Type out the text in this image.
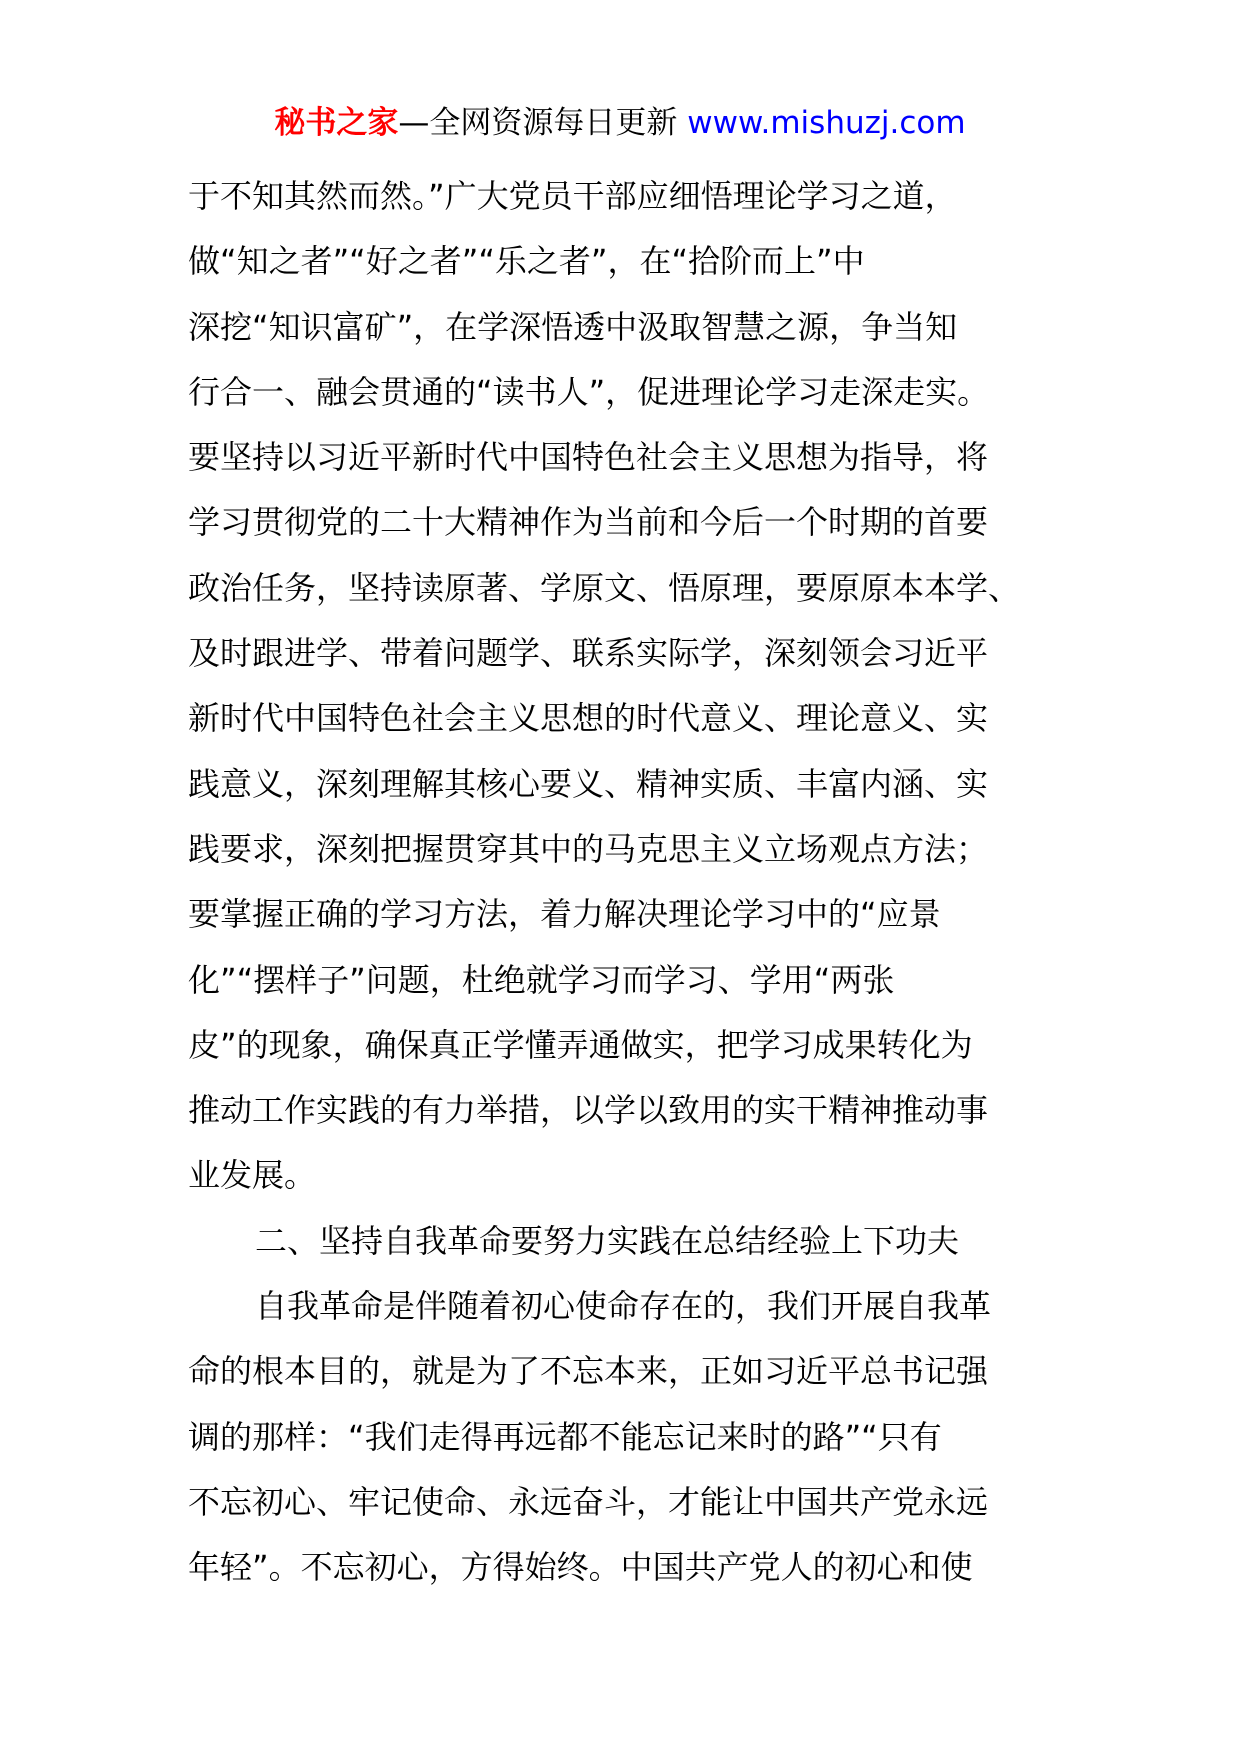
秘书之家—全网资源每日更新 www.mishuzj.com
于不知其然而然。”广大党员干部应细悟理论学习之道，
做“知之者”“好之者”“乐之者”，在“拾阶而上”中
深挖“知识富矿”，在学深悟透中汲取智慧之源，争当知
行合一、融会贯通的“读书人”，促进理论学习走深走实。
要坚持以习近平新时代中国特色社会主义思想为指导，将
学习贯彻党的二十大精神作为当前和今后一个时期的首要
政治任务，坚持读原著、学原文、悟原理，要原原本本学、
及时跟进学、带着问题学、联系实际学，深刻领会习近平
新时代中国特色社会主义思想的时代意义、理论意义、实
践意义，深刻理解其核心要义、精神实质、丰富内涵、实
践要求，深刻把握贯穿其中的马克思主义立场观点方法；
要掌握正确的学习方法，着力解决理论学习中的“应景
化”“摆样子”问题，杜绝就学习而学习、学用“两张
皮”的现象，确保真正学懂弄通做实，把学习成果转化为
推动工作实践的有力举措，以学以致用的实干精神推动事
业发展。
二、坚持自我革命要努力实践在总结经验上下功夫
自我革命是伴随着初心使命存在的，我们开展自我革
命的根本目的，就是为了不忘本来，正如习近平总书记强
调的那样：“我们走得再远都不能忘记来时的路”“只有
不忘初心、牢记使命、永远奋斗，才能让中国共产党永远
年轻”。不忘初心，方得始终。中国共产党人的初心和使
